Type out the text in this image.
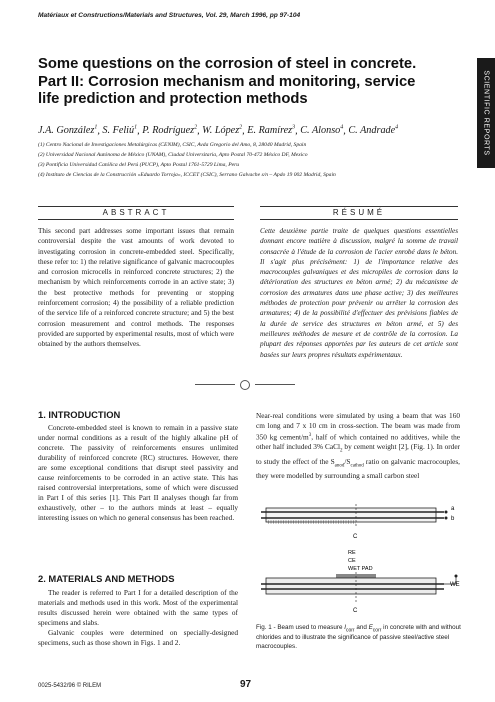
Matériaux et Constructions/Materials and Structures, Vol. 29, March 1996, pp 97-104
SCIENTIFIC REPORTS
Some questions on the corrosion of steel in concrete. Part II: Corrosion mechanism and monitoring, service life prediction and protection methods
J.A. González$^1$, S. Feliú$^1$, P. Rodríguez$^2$, W. López$^2$, E. Ramírez$^3$, C. Alonso$^4$, C. Andrade$^4$
(1) Centro Nacional de Investigaciones Metalúrgicas (CENIM), CSIC, Avda Gregorio del Amo, 8, 28040 Madrid, Spain
(2) Universidad Nacional Autónoma de México (UNAM), Ciudad Universitaria, Apto Postal 70-472 México DF, Mexico
(3) Pontificia Universidad Católica del Perú (PUCP), Apto Postal 1761-5729 Lima, Peru
(4) Instituto de Ciencias de la Construcción «Eduardo Torroja», ICCET (CSIC), Serrano Galvache s/n – Apdo 19 002 Madrid, Spain
ABSTRACT	RÉSUMÉ
This second part addresses some important issues that remain controversial despite the vast amounts of work devoted to investigating corrosion in concrete-embedded steel. Specifically, these refer to: 1) the relative significance of galvanic macrocouples and corrosion microcells in reinforced concrete structures; 2) the mechanism by which reinforcements corrode in an active state; 3) the best protective methods for preventing or stopping reinforcement corrosion; 4) the possibility of a reliable prediction of the service life of a reinforced concrete structure; and 5) the best corrosion measurement and control methods. The responses provided are supported by experimental results, most of which were obtained by the authors themselves.
Cette deuxième partie traite de quelques questions essentielles donnant encore matière à discussion, malgré la somme de travail consacrée à l'étude de la corrosion de l'acier enrobé dans le béton. Il s'agit plus précisément: 1) de l'importance relative des macrocouples galvaniques et des micropiles de corrosion dans la détérioration des structures en béton armé; 2) du mécanisme de corrosion des armatures dans une phase active; 3) des meilleures méthodes de protection pour prévenir ou arrêter la corrosion des armatures; 4) de la possibilité d'effectuer des prévisions fiables de la durée de service des structures en béton armé, et 5) des meilleures méthodes de mesure et de contrôle de la corrosion. La plupart des réponses apportées par les auteurs de cet article sont basées sur leurs propres résultats expérimentaux.
1. INTRODUCTION
Concrete-embedded steel is known to remain in a passive state under normal conditions as a result of the highly alkaline pH of concrete. The passivity of reinforcements ensures unlimited durability of reinforced concrete (RC) structures. However, there are some exceptional conditions that disrupt steel passivity and cause reinforcements to be corroded in an active state. This has raised controversial interpretations, some of which were discussed in Part I of this series [1]. This Part II analyses though far from exhaustively, other – to the authors minds at least – equally interesting issues on which no general consensus has been reached.
2. MATERIALS AND METHODS

The reader is referred to Part I for a detailed description of the materials and methods used in this work. Most of the experimental results discussed herein were obtained with the same types of specimens and slabs.

Galvanic couples were determined on specially-designed specimens, such as those shown in Figs. 1 and 2.

Near-real conditions were simulated by using a beam that was 160 cm long and 7 x 10 cm in cross-section. The beam was made from 350 kg cement/$m^3$, half of which contained no additives, while the other half included 3% CaCl$_2$ by cement weight [2], (Fig. 1). In order to study the effect of the $S_{anod}/S_{cathod}$ ratio on galvanic macrocouples, they were modelled by surrounding a small carbon steel
a
b
C
RE
CE
WET PAD
WE
C
Fig. 1 - Beam used to measure $I_{corr}$ and $E_{corr}$ in concrete with and without chlorides and to illustrate the significance of passive steel/active steel macrocouples.
0025-5432/96 © RILEM	97
